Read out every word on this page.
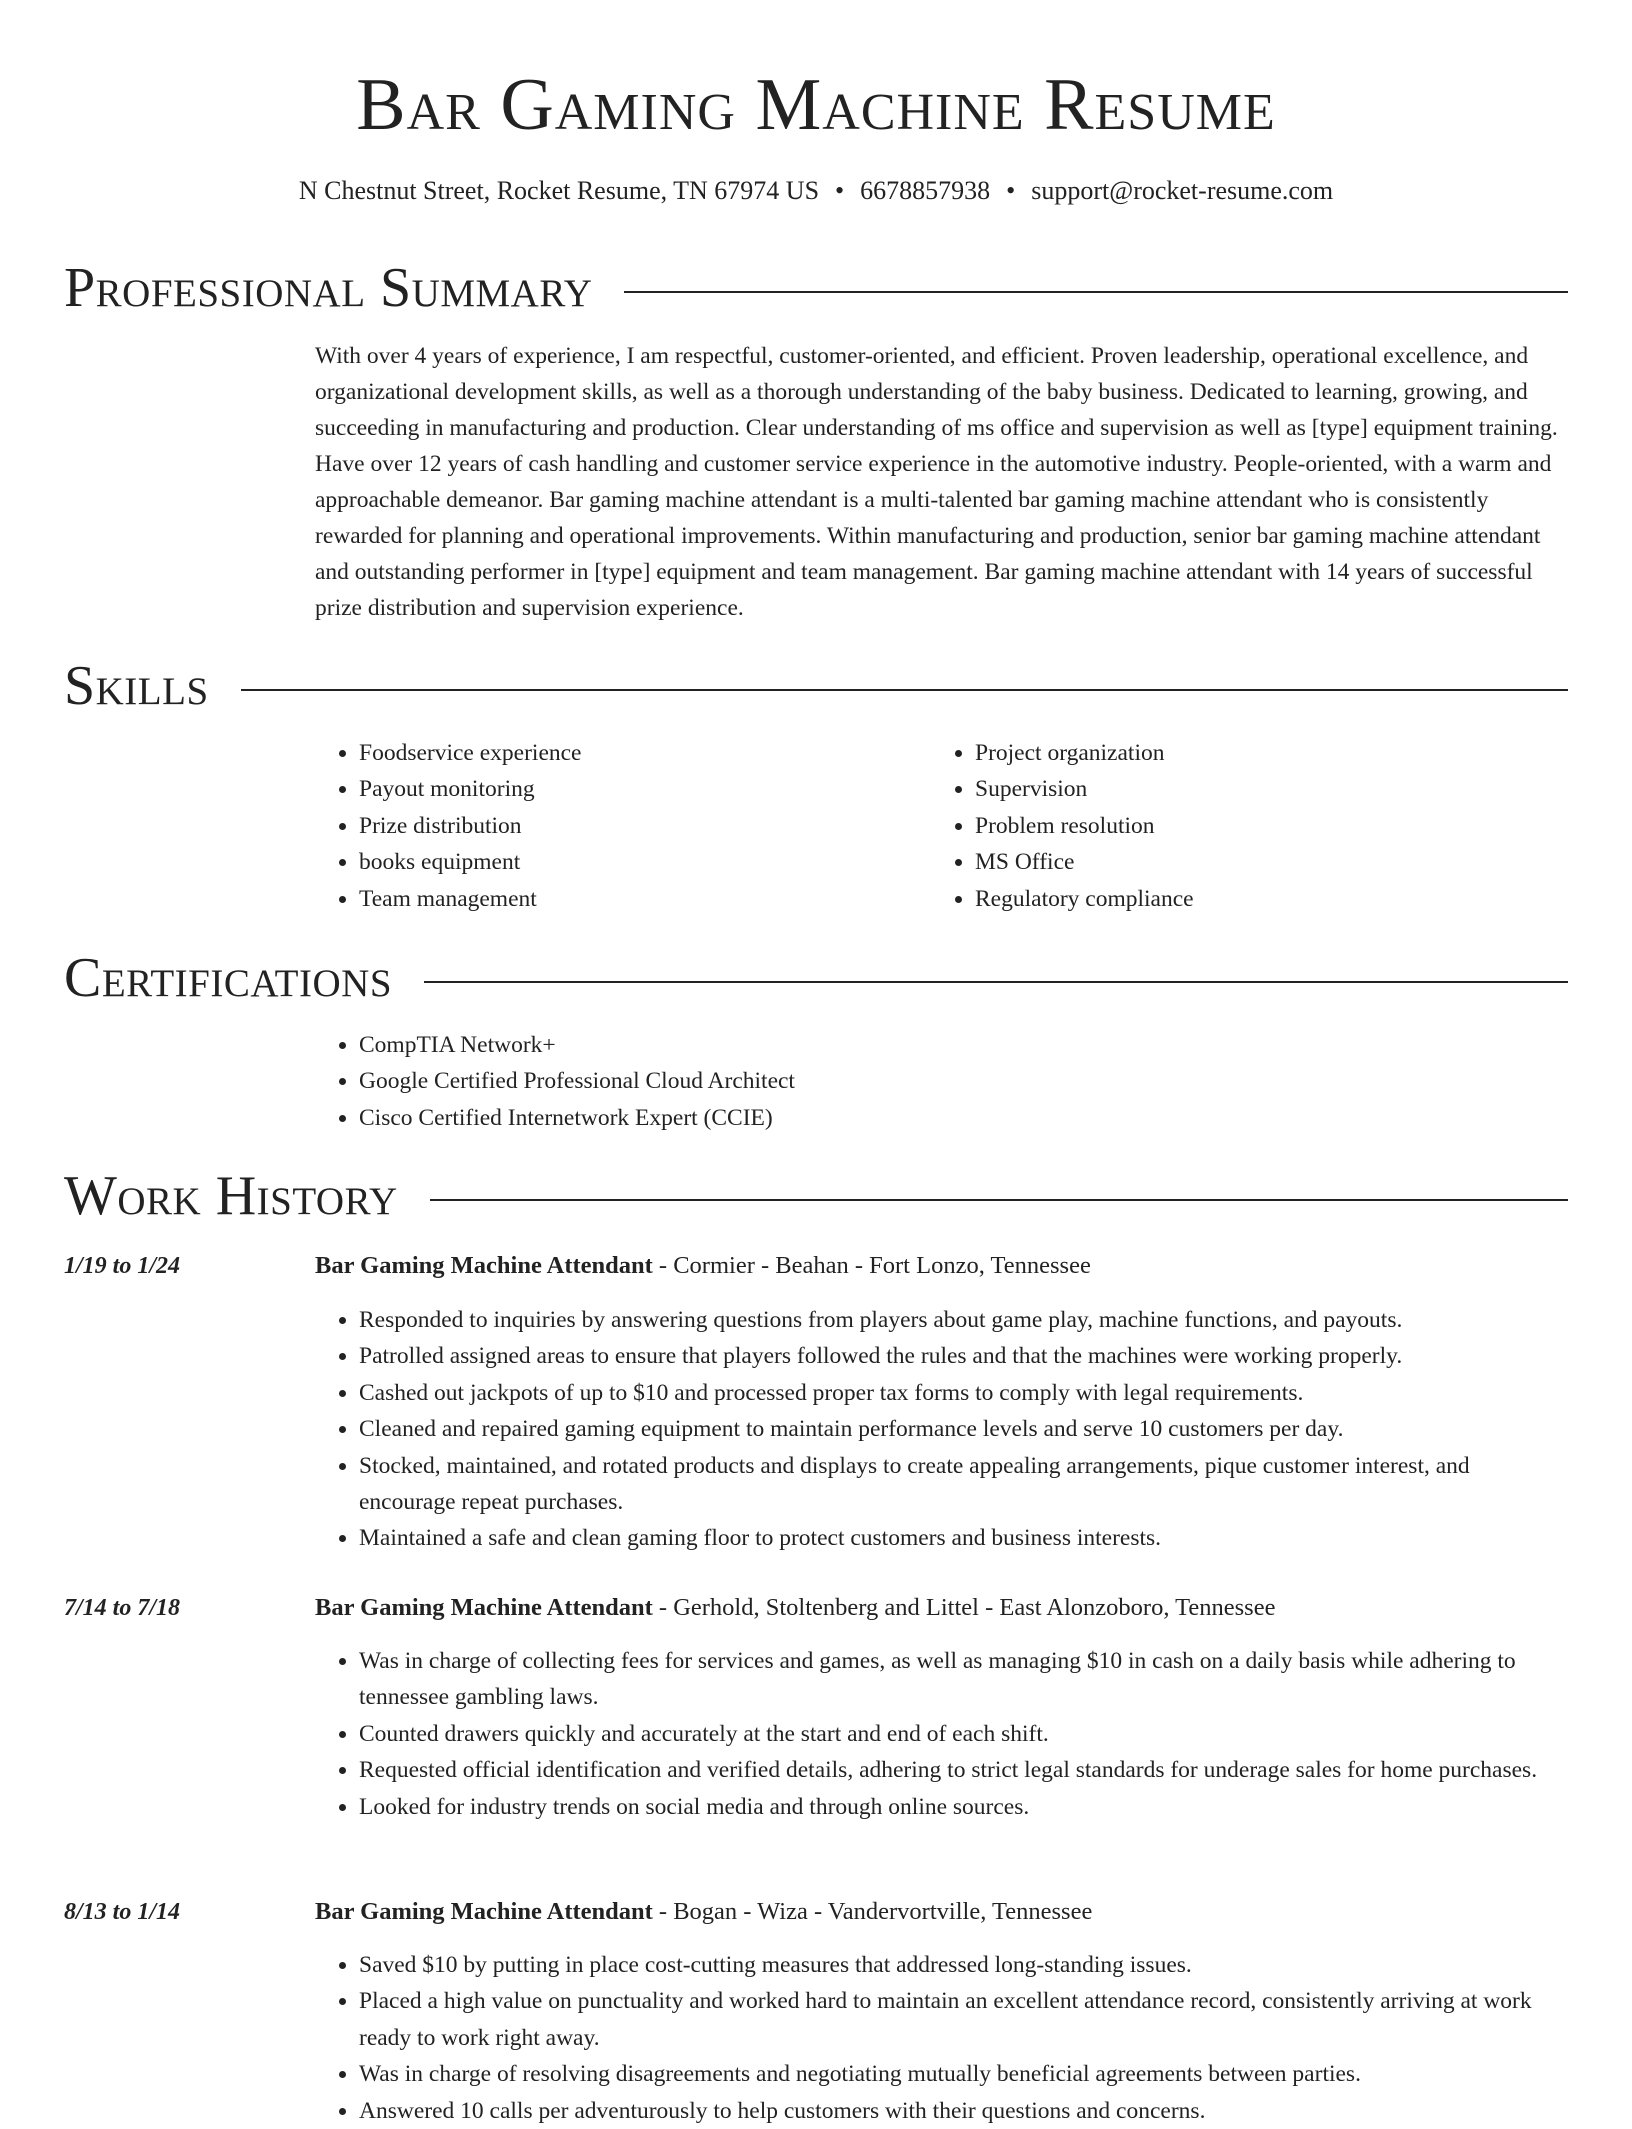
Bar Gaming Machine Resume
N Chestnut Street, Rocket Resume, TN 67974 US • 6678857938 • support@rocket-resume.com
Professional Summary
With over 4 years of experience, I am respectful, customer-oriented, and efficient. Proven leadership, operational excellence, and organizational development skills, as well as a thorough understanding of the baby business. Dedicated to learning, growing, and succeeding in manufacturing and production. Clear understanding of ms office and supervision as well as [type] equipment training. Have over 12 years of cash handling and customer service experience in the automotive industry. People-oriented, with a warm and approachable demeanor. Bar gaming machine attendant is a multi-talented bar gaming machine attendant who is consistently rewarded for planning and operational improvements. Within manufacturing and production, senior bar gaming machine attendant and outstanding performer in [type] equipment and team management. Bar gaming machine attendant with 14 years of successful prize distribution and supervision experience.
Skills
• Foodservice experience
• Payout monitoring
• Prize distribution
• books equipment
• Team management
• Project organization
• Supervision
• Problem resolution
• MS Office
• Regulatory compliance
Certifications
• CompTIA Network+
• Google Certified Professional Cloud Architect
• Cisco Certified Internetwork Expert (CCIE)
Work History
1/19 to 1/24	Bar Gaming Machine Attendant - Cormier - Beahan - Fort Lonzo, Tennessee
• Responded to inquiries by answering questions from players about game play, machine functions, and payouts.
• Patrolled assigned areas to ensure that players followed the rules and that the machines were working properly.
• Cashed out jackpots of up to $10 and processed proper tax forms to comply with legal requirements.
• Cleaned and repaired gaming equipment to maintain performance levels and serve 10 customers per day.
• Stocked, maintained, and rotated products and displays to create appealing arrangements, pique customer interest, and encourage repeat purchases.
• Maintained a safe and clean gaming floor to protect customers and business interests.
7/14 to 7/18	Bar Gaming Machine Attendant - Gerhold, Stoltenberg and Littel - East Alonzoboro, Tennessee
• Was in charge of collecting fees for services and games, as well as managing $10 in cash on a daily basis while adhering to tennessee gambling laws.
• Counted drawers quickly and accurately at the start and end of each shift.
• Requested official identification and verified details, adhering to strict legal standards for underage sales for home purchases.
• Looked for industry trends on social media and through online sources.
8/13 to 1/14	Bar Gaming Machine Attendant - Bogan - Wiza - Vandervortville, Tennessee
• Saved $10 by putting in place cost-cutting measures that addressed long-standing issues.
• Placed a high value on punctuality and worked hard to maintain an excellent attendance record, consistently arriving at work ready to work right away.
• Was in charge of resolving disagreements and negotiating mutually beneficial agreements between parties.
• Answered 10 calls per adventurously to help customers with their questions and concerns.
